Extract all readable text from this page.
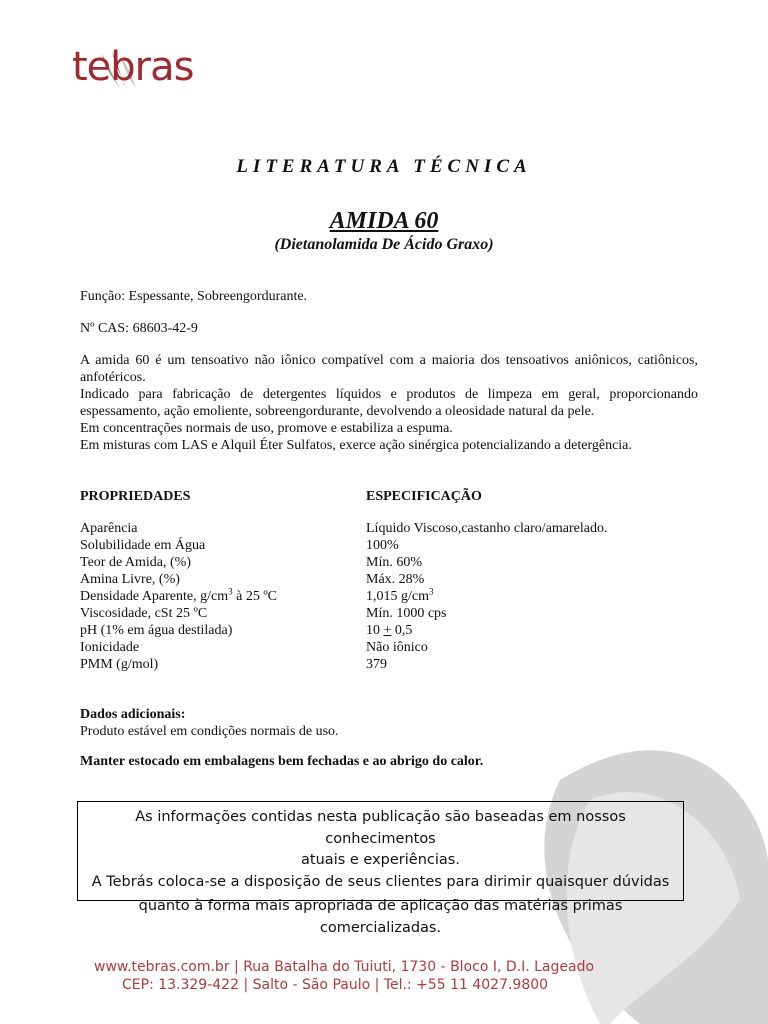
tebras
LITERATURA TÉCNICA
AMIDA 60
(Dietanolamida De Ácido Graxo)
Função: Espessante, Sobreengordurante.
Nº CAS: 68603-42-9

A amida 60 é um tensoativo não iônico compatível com a maioria dos tensoativos aniônicos, catiônicos, anfotéricos.

Indicado para fabricação de detergentes líquidos e produtos de limpeza em geral, proporcionando espessamento, ação emoliente, sobreengordurante, devolvendo a oleosidade natural da pele.

Em concentrações normais de uso, promove e estabiliza a espuma.

Em misturas com LAS e Alquil Éter Sulfatos, exerce ação sinérgica potencializando a detergência.

PROPRIEDADES	ESPECIFICAÇÃO
Aparência	Líquido Viscoso,castanho claro/amarelado.
Solubilidade em Água	100%
Teor de Amida, (%)	Mín. 60%
Amina Livre, (%)	Máx. 28%
Densidade Aparente, $g/cm^3$ à 25 ºC	1,015 $g/cm^3$
Viscosidade, cSt 25 ºC	Mín. 1000 cps
pH (1% em água destilada)	10 + 0,5
Ionicidade	Não iônico
PMM (g/mol)	379
Dados adicionais:
Produto estável em condições normais de uso.
Manter estocado em embalagens bem fechadas e ao abrigo do calor.
As informações contidas nesta publicação são baseadas em nossos conhecimentos
atuais e experiências.
A Tebrás coloca-se a disposição de seus clientes para dirimir quaisquer dúvidas
quanto à forma mais apropriada de aplicação das matérias primas comercializadas.
www.tebras.com.br | Rua Batalha do Tuiuti, 1730 - Bloco I, D.I. Lageado
CEP: 13.329-422 | Salto - São Paulo | Tel.: +55 11 4027.9800
